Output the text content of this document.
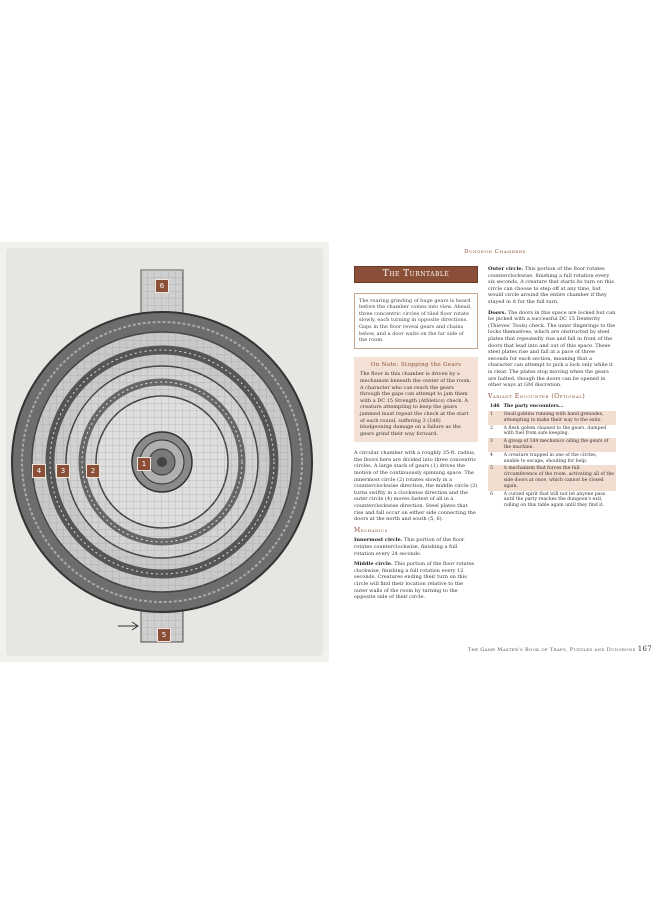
1
2
3
4
5
6
Dungeon Chambers
The Turntable
The roaring grinding of huge gears is heard before the chamber comes into view. Ahead, three concentric circles of tiled floor rotate slowly, each turning in opposite directions. Gaps in the floor reveal gears and chains below, and a door waits on the far side of the room.
On Note: Stopping the Gears
The floor in this chamber is driven by a mechanism beneath the center of the room. A character who can reach the gears through the gaps can attempt to jam them with a DC 15 Strength (Athletics) check. A creature attempting to keep the gears jammed must repeat the check at the start of each round, suffering 3 (1d6) bludgeoning damage on a failure as the gears grind their way forward.

A circular chamber with a roughly 35-ft. radius, the floors here are divided into three concentric circles. A large stack of gears (1) drives the motion of the continuously spinning space. The innermost circle (2) rotates slowly in a counterclockwise direction, the middle circle (3) turns swiftly in a clockwise direction and the outer circle (4) moves fastest of all in a counterclockwise direction. Steel plates that rise and fall occur on either side connecting the doors at the north and south (5, 6).

Mechanics

Innermost circle. This portion of the floor rotates counterclockwise, finishing a full rotation every 24 seconds.

Middle circle. This portion of the floor rotates clockwise, finishing a full rotation every 12 seconds. Creatures ending their turn on this circle will find their location relative to the outer walls of the room by turning to the opposite side of their circle.

Outer circle. This portion of the floor rotates counterclockwise, finishing a full rotation every six seconds. A creature that starts its turn on this circle can choose to step off at any time, but would circle around the entire chamber if they stayed in it for the full turn.

Doors. The doors in this space are locked but can be picked with a successful DC 15 Dexterity (Thieves' Tools) check. The inner fingerings to the locks themselves, which are obstructed by steel plates that repeatedly rise and fall in front of the doors that lead into and out of this space. These steel plates rise and fall at a pace of three seconds for each section, meaning that a character can attempt to pick a lock only while it is clear. The plates stop moving when the gears are halted, though the doors can be opened in other ways at GM discretion.

Variant Encounter (Optional)
1d6	The party encounters...
1	Gnoll goblins running with hand grenades, attempting to make their way to the exits.
2	A flesh golem chained to the gears, dumped with fuel from safe keeping.
3	A group of 1d4 mechanics oiling the gears of the machine.
4	A creature trapped in one of the circles, unable to escape, shouting for help.
5	A mechanism that forces the full circumference of the room, activating all of the side doors at once, which cannot be closed again.
6	A cursed spirit that will not let anyone pass until the party reaches the dungeon's exit, rolling on this table again until they find it.
The Game Master's Book of Traps, Puzzles and Dungeons 167
